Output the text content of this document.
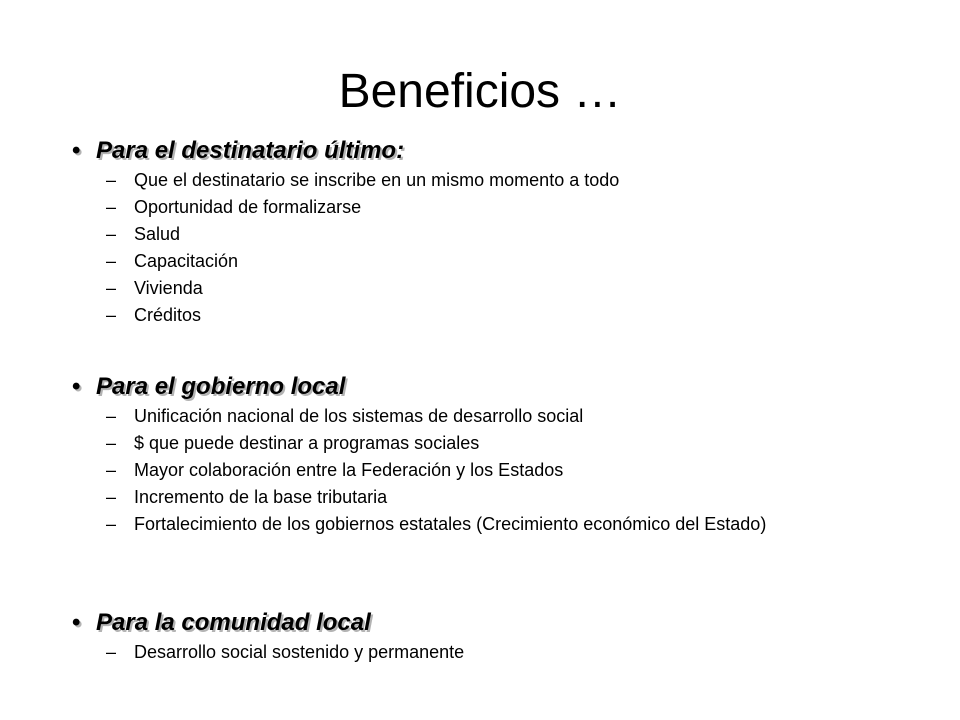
Beneficios …
• Para el destinatario último:
– Que el destinatario se inscribe en un mismo momento a todo
– Oportunidad de formalizarse
– Salud
– Capacitación
– Vivienda
– Créditos
• Para el gobierno local
– Unificación nacional de los sistemas de desarrollo social
– $ que puede destinar a programas sociales
– Mayor colaboración entre la Federación y los Estados
– Incremento de la base tributaria
– Fortalecimiento de los gobiernos estatales (Crecimiento económico del Estado)
• Para la comunidad local
– Desarrollo social sostenido y permanente
